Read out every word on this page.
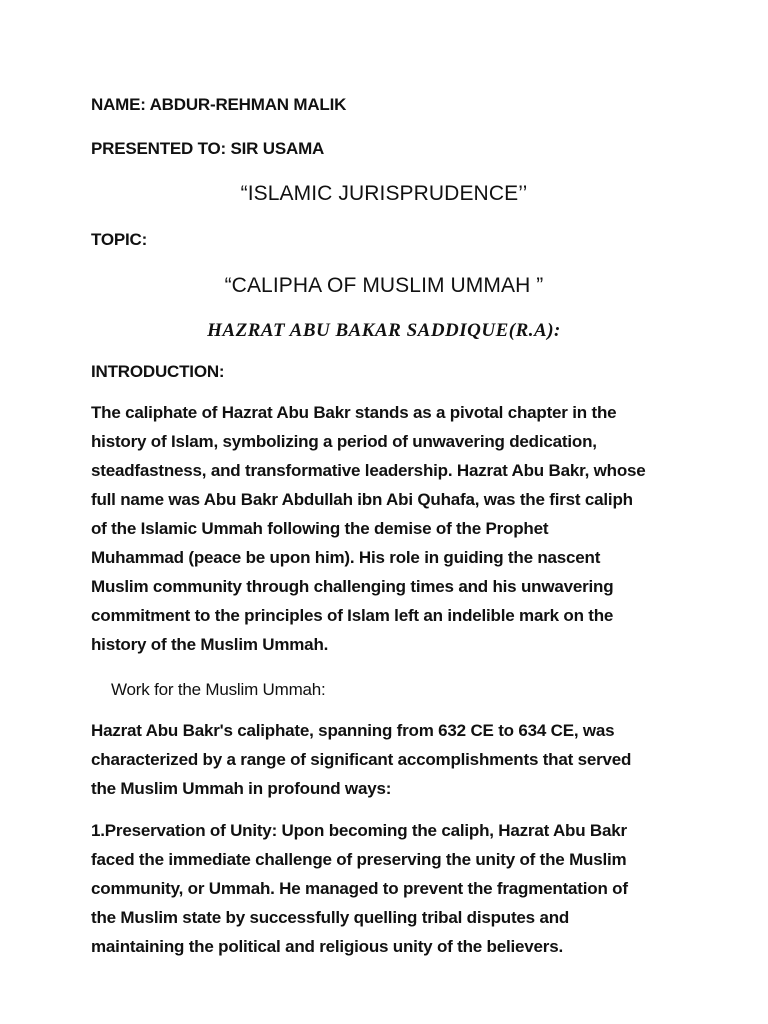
NAME: ABDUR-REHMAN MALIK
PRESENTED TO: SIR USAMA
“ISLAMIC JURISPRUDENCE’’
TOPIC:
“CALIPHA OF MUSLIM UMMAH ”
HAZRAT ABU BAKAR SADDIQUE(R.A):
INTRODUCTION:
The caliphate of Hazrat Abu Bakr stands as a pivotal chapter in the
history of Islam, symbolizing a period of unwavering dedication,
steadfastness, and transformative leadership. Hazrat Abu Bakr, whose
full name was Abu Bakr Abdullah ibn Abi Quhafa, was the first caliph
of the Islamic Ummah following the demise of the Prophet
Muhammad (peace be upon him). His role in guiding the nascent
Muslim community through challenging times and his unwavering
commitment to the principles of Islam left an indelible mark on the
history of the Muslim Ummah.
Work for the Muslim Ummah:
Hazrat Abu Bakr's caliphate, spanning from 632 CE to 634 CE, was
characterized by a range of significant accomplishments that served
the Muslim Ummah in profound ways:
1.Preservation of Unity: Upon becoming the caliph, Hazrat Abu Bakr
faced the immediate challenge of preserving the unity of the Muslim
community, or Ummah. He managed to prevent the fragmentation of
the Muslim state by successfully quelling tribal disputes and
maintaining the political and religious unity of the believers.
